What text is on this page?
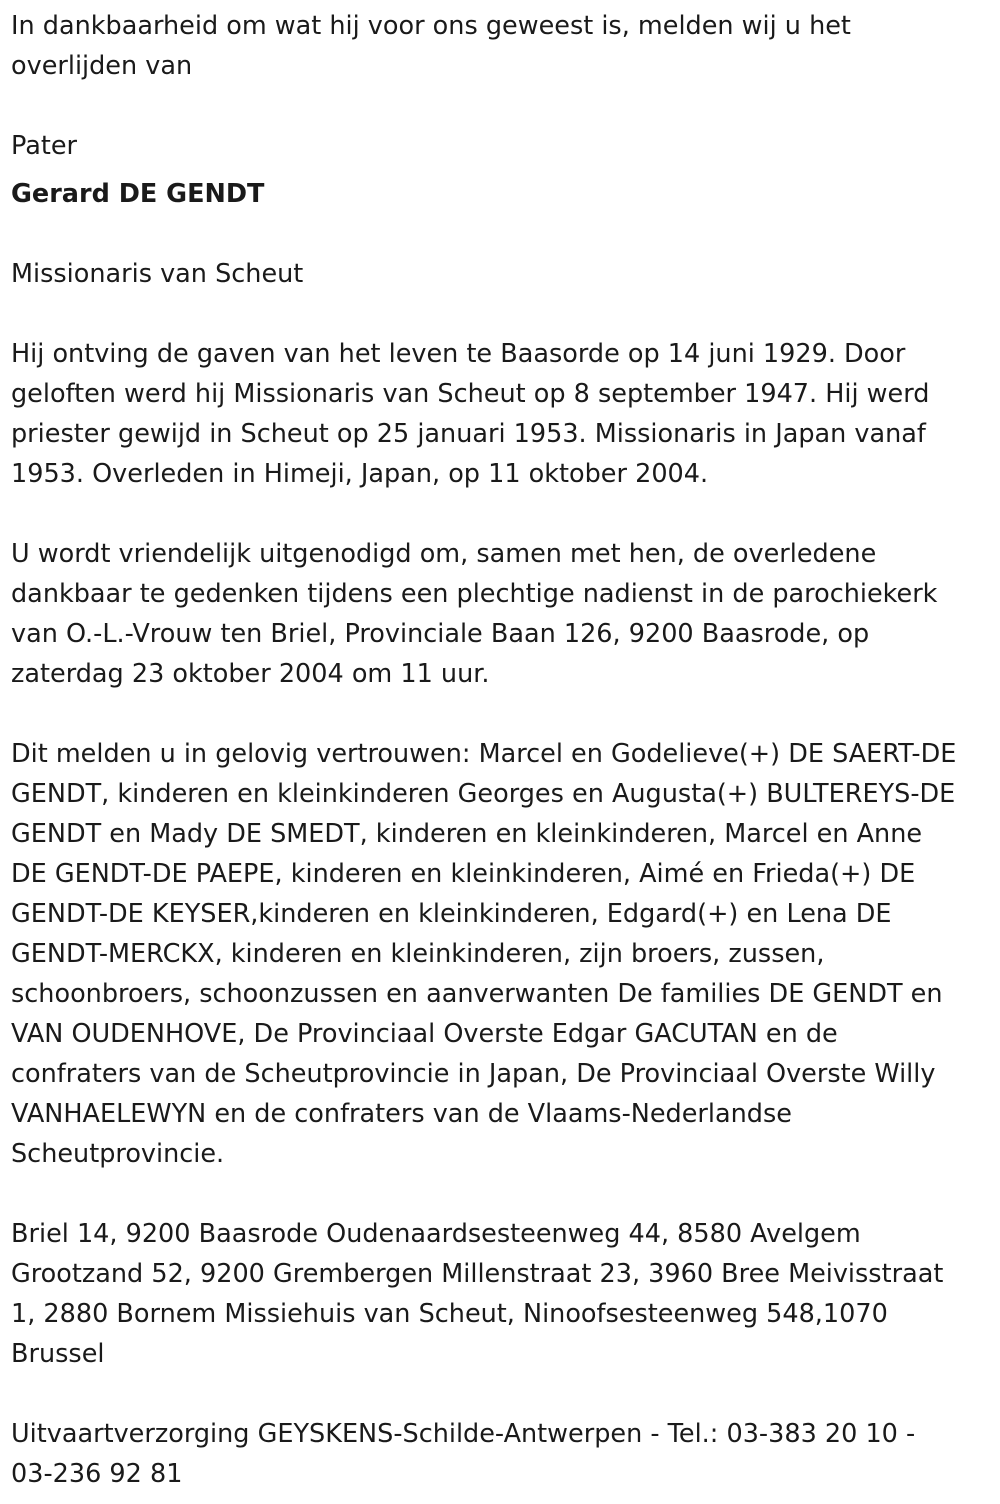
In dankbaarheid om wat hij voor ons geweest is, melden wij u het
overlijden van
Pater
Gerard DE GENDT
Missionaris van Scheut
Hij ontving de gaven van het leven te Baasorde op 14 juni 1929. Door
geloften werd hij Missionaris van Scheut op 8 september 1947. Hij werd
priester gewijd in Scheut op 25 januari 1953. Missionaris in Japan vanaf
1953. Overleden in Himeji, Japan, op 11 oktober 2004.
U wordt vriendelijk uitgenodigd om, samen met hen, de overledene
dankbaar te gedenken tijdens een plechtige nadienst in de parochiekerk
van O.-L.-Vrouw ten Briel, Provinciale Baan 126, 9200 Baasrode, op
zaterdag 23 oktober 2004 om 11 uur.
Dit melden u in gelovig vertrouwen: Marcel en Godelieve(+) DE SAERT-DE
GENDT, kinderen en kleinkinderen Georges en Augusta(+) BULTEREYS-DE
GENDT en Mady DE SMEDT, kinderen en kleinkinderen, Marcel en Anne
DE GENDT-DE PAEPE, kinderen en kleinkinderen, Aimé en Frieda(+) DE
GENDT-DE KEYSER,kinderen en kleinkinderen, Edgard(+) en Lena DE
GENDT-MERCKX, kinderen en kleinkinderen, zijn broers, zussen,
schoonbroers, schoonzussen en aanverwanten De families DE GENDT en
VAN OUDENHOVE, De Provinciaal Overste Edgar GACUTAN en de
confraters van de Scheutprovincie in Japan, De Provinciaal Overste Willy
VANHAELEWYN en de confraters van de Vlaams-Nederlandse
Scheutprovincie.
Briel 14, 9200 Baasrode Oudenaardsesteenweg 44, 8580 Avelgem
Grootzand 52, 9200 Grembergen Millenstraat 23, 3960 Bree Meivisstraat
1, 2880 Bornem Missiehuis van Scheut, Ninoofsesteenweg 548,1070
Brussel
Uitvaartverzorging GEYSKENS-Schilde-Antwerpen - Tel.: 03-383 20 10 -
03-236 92 81
